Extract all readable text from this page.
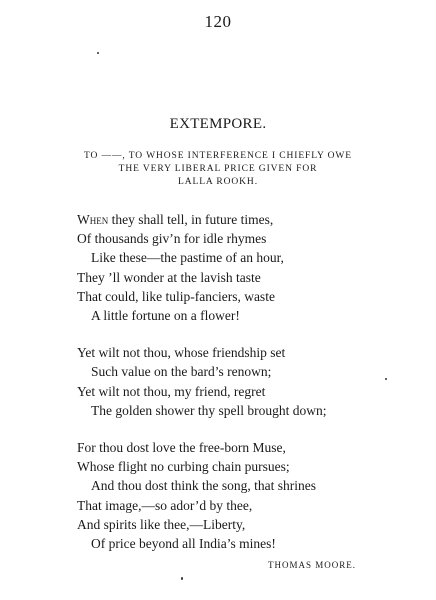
120
EXTEMPORE.
TO ——, TO WHOSE INTERFERENCE I CHIEFLY OWE
THE VERY LIBERAL PRICE GIVEN FOR
LALLA ROOKH.
When they shall tell, in future times,
Of thousands giv’n for idle rhymes
Like these—the pastime of an hour,
They ’ll wonder at the lavish taste
That could, like tulip-fanciers, waste
A little fortune on a flower!
Yet wilt not thou, whose friendship set
Such value on the bard’s renown;
Yet wilt not thou, my friend, regret
The golden shower thy spell brought down;
For thou dost love the free-born Muse,
Whose flight no curbing chain pursues;
And thou dost think the song, that shrines
That image,—so ador’d by thee,
And spirits like thee,—Liberty,
Of price beyond all India’s mines!
THOMAS MOORE.
